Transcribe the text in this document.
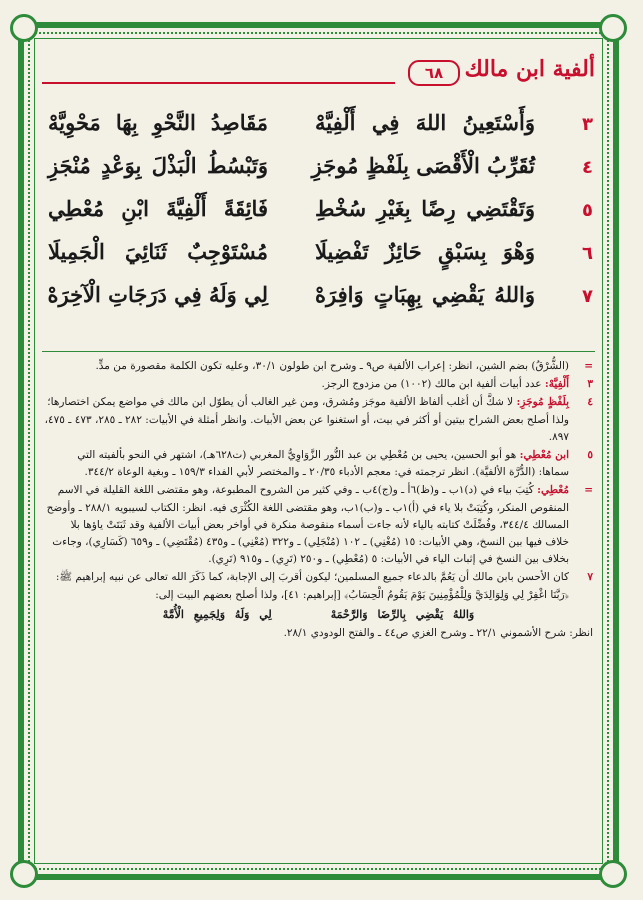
ألفية ابن مالك
٦٨
٣
وَأَسْتَعِينُ اللهَ فِي أَلْفِيَّهْ
مَقَاصِدُ النَّحْوِ بِهَا مَحْوِيَّهْ
٤
تُقَرِّبُ الْأَقْصَى بِلَفْظٍ مُوجَزِ
وَتَبْسُطُ الْبَذْلَ بِوَعْدٍ مُنْجَزِ
٥
وَتَقْتَضِي رِضًا بِغَيْرِ سُخْطِ
فَائِقَةً أَلْفِيَّةَ ابْنِ مُعْطِي
٦
وَهْوَ بِسَبْقٍ حَائِزٌ تَفْضِيلَا
مُسْتَوْجِبٌ ثَنَائِيَ الْجَمِيلَا
٧
وَاللهُ يَقْضِي بِهِبَاتٍ وَافِرَهْ
لِي وَلَهُ فِي دَرَجَاتِ الْآخِرَهْ
=
(الشُّرْقُ) بضم الشين، انظر: إعراب الألفية ص٩ ـ وشرح ابن طولون ٣٠/١، وعليه تكون الكلمة مقصورة من مدٍّ.
٣
أَلْفِيَّهْ: عدد أبيات ألفية ابن مالك (١٠٠٢) من مزدوج الرجز.
٤
بِلَفْظٍ مُوجَزِ: لا شكَّ أن أغلب ألفاظ الألفية موجَز ومُشرق، ومن غير الغالب أن يطوّل ابن مالك في مواضع يمكن اختصارها؛ ولذا أصلح بعض الشراح بيتين أو أكثر في بيت، أو استغنوا عن بعض الأبيات. وانظر أمثلة في الأبيات: ٢٨٢ ـ ٢٨٥، ٤٧٣ ـ ٤٧٥، ٨٩٧.
٥
ابن مُعْطِي: هو أبو الحسين، يحيى بن مُعْطِي بن عبد النُّور الزَّوَاوِيُّ المغربي (ت٦٢٨هـ)، اشتهر في النحو بألفيته التي سماها: (الدُّرَّة الألفيَّة). انظر ترجمته في: معجم الأدباء ٢٠/٣٥ ـ والمختصر لأبي الفداء ١٥٩/٣ ـ وبغية الوعاة ٣٤٤/٢.
=
مُعْطِي: كُتِبَ بياء في (د)١ب ـ و(ظ)٦أ ـ و(ج)٤ب ـ وفي كثير من الشروح المطبوعة، وهو مقتضى اللغة القليلة في الاسم المنقوص المنكر، وكُتِبَتْ بلا ياء في (أ)١ب ـ و(ب)١ب، وهو مقتضى اللغة الكُثْرَى فيه. انظر: الكتاب لسيبويه ٢٨٨/١ ـ وأوضح المسالك ٣٤٤/٤، وفُضِّلَتْ كتابته بالياء لأنه جاءت أسماء منقوصة منكرة في أواخر بعض أبيات الألفية وقد ثَبَتَتْ ياؤها بلا خلاف فيها بين النسخ، وهي الأبيات: ١٥ (مُغْنِي) ـ ١٠٢ (مُنْجَلِي) ـ و٣٢٢ (مُعْنِي) ـ و٤٣٥ (مُقْتَضِي) ـ و٦٥٩ (كَسَارِي)، وجاءت بخلاف بين النسخ في إثبات الياء في الأبيات: ٥ (مُعْطِي) ـ و٢٥٠ (تَرِي) ـ و٩١٥ (تَرِي).
٧
كان الأحسن بابن مالك أن يَعُمَّ بالدعاء جميع المسلمين؛ ليكون أقربَ إلى الإجابة، كما ذَكَرَ الله تعالى عن نبيه إبراهيم ﷺ: ﴿رَبَّنَا اغْفِرْ لِي وَلِوَالِدَيَّ وَلِلْمُؤْمِنِينَ يَوْمَ يَقُومُ الْحِسَابُ﴾ [إبراهيم: ٤١]، ولذا أصلح بعضهم البيت إلى:
وَاللهُ يَقْضِي بِالرِّضَا وَالرَّحْمَهْ      لِي وَلَهُ وَلِجَمِيعِ الْأُمَّهْ
انظر: شرح الأشموني ٢٢/١ ـ وشرح الغزي ص٤٤ ـ والفتح الودودي ٢٨/١.
